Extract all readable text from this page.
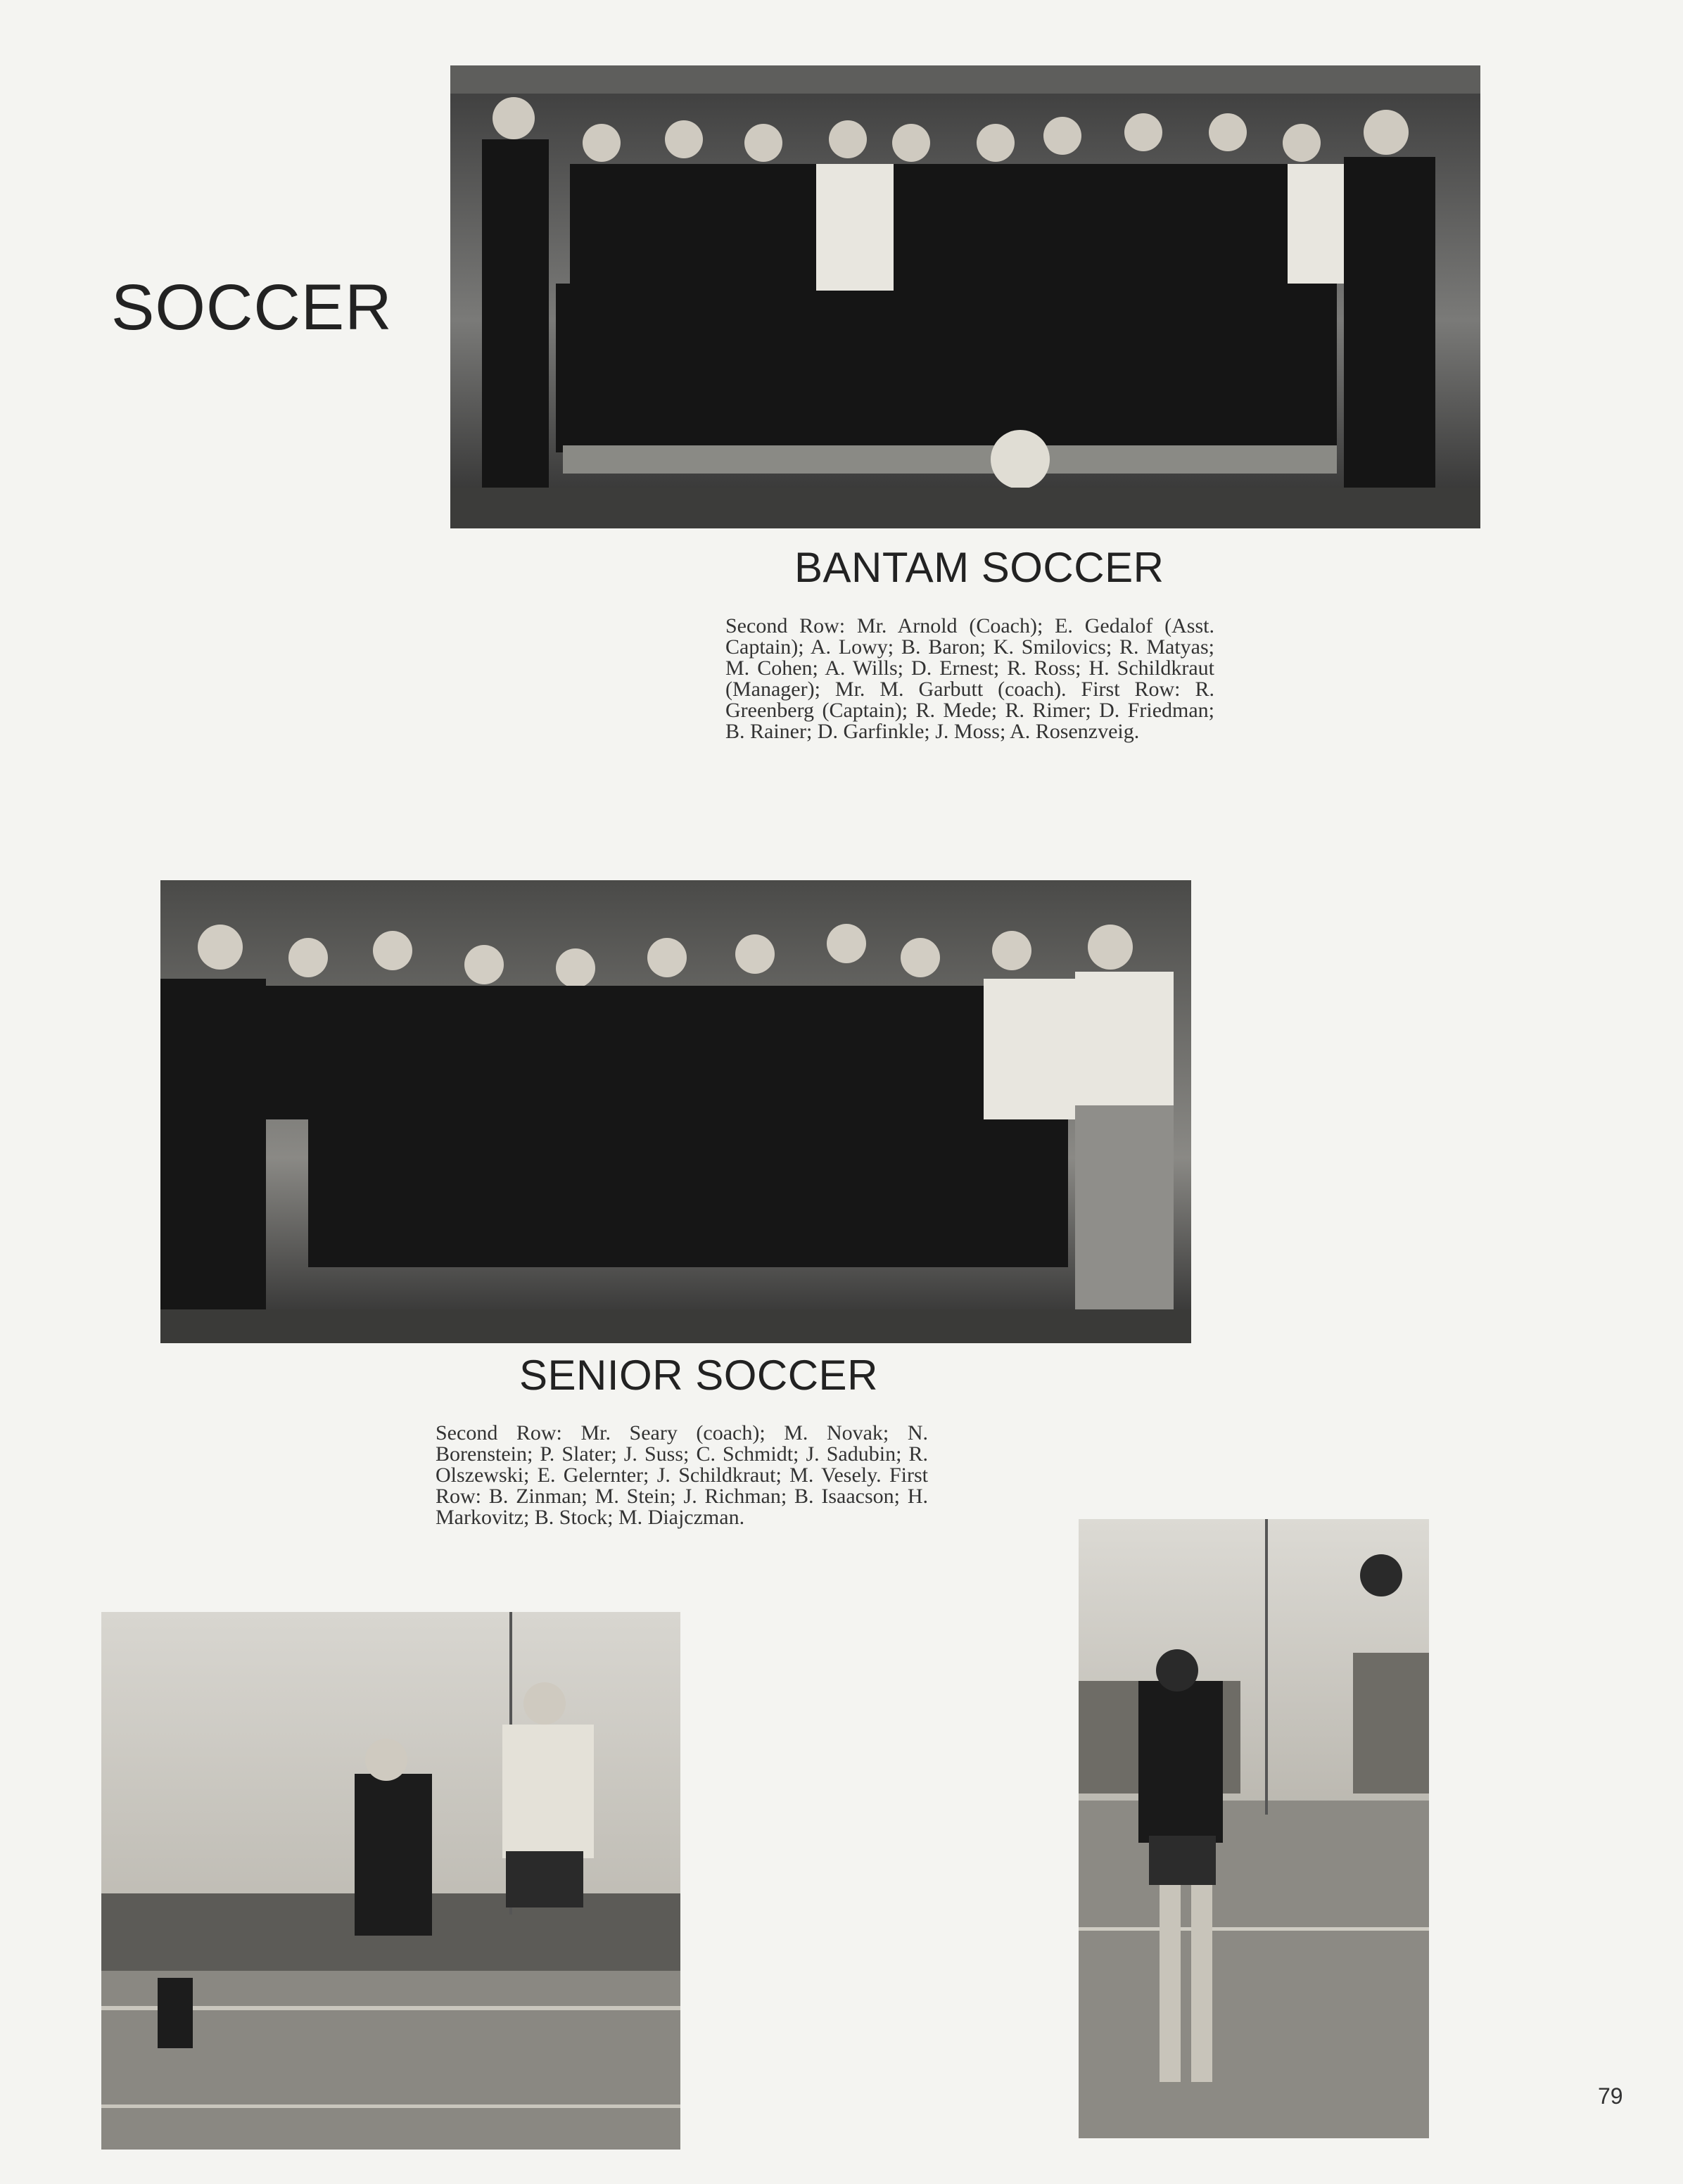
SOCCER
BANTAM SOCCER

Second Row: Mr. Arnold (Coach); E. Gedalof (Asst. Captain); A. Lowy; B. Baron; K. Smilovics; R. Matyas; M. Cohen; A. Wills; D. Ernest; R. Ross; H. Schildkraut (Manager); Mr. M. Garbutt (coach). First Row: R. Greenberg (Captain); R. Mede; R. Rimer; D. Friedman; B. Rainer; D. Garfinkle; J. Moss; A. Rosenzveig.

SENIOR SOCCER

Second Row: Mr. Seary (coach); M. Novak; N. Borenstein; P. Slater; J. Suss; C. Schmidt; J. Sadubin; R. Olszewski; E. Gelernter; J. Schildkraut; M. Vesely. First Row: B. Zinman; M. Stein; J. Richman; B. Isaacson; H. Markovitz; B. Stock; M. Diajczman.

79
